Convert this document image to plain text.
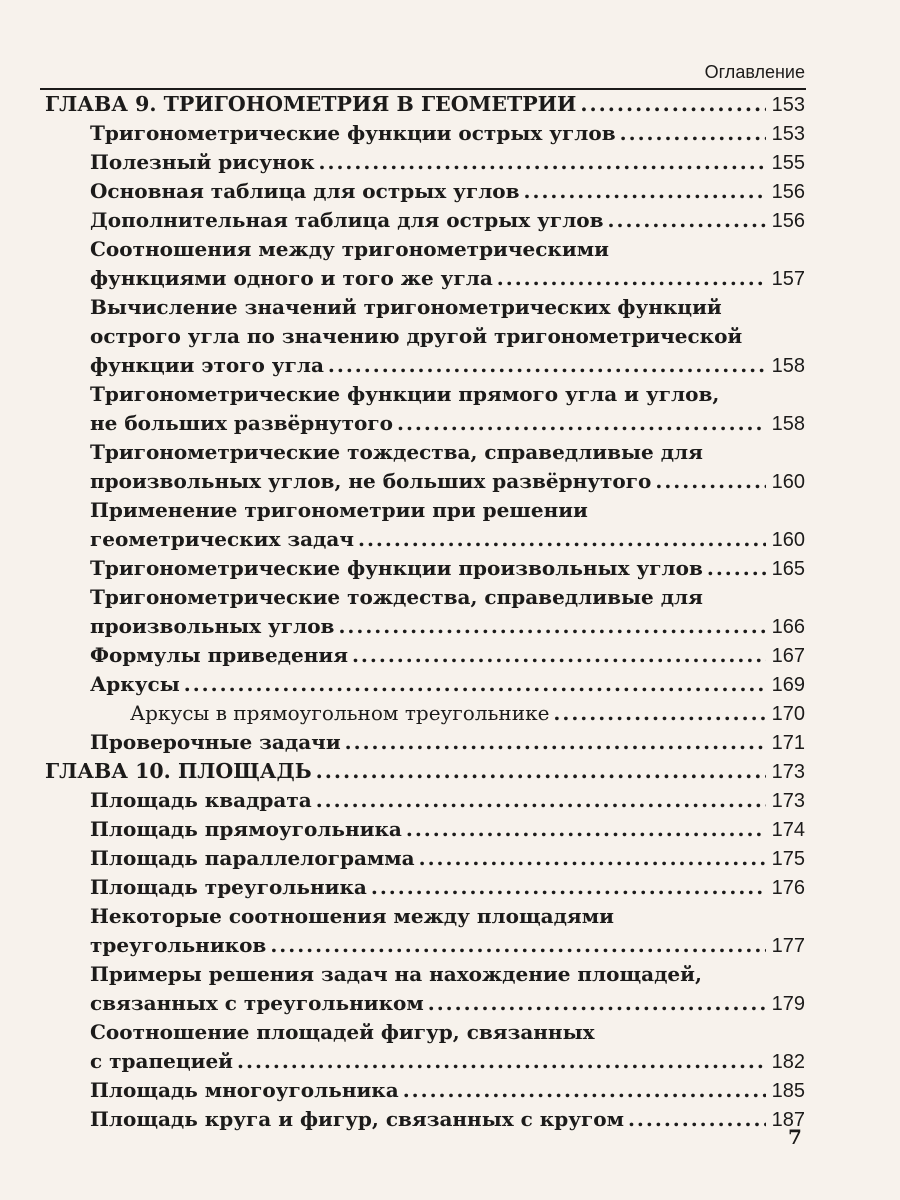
Оглавление
ГЛАВА 9. ТРИГОНОМЕТРИЯ В ГЕОМЕТРИИ .....	153
Тригонометрические функции острых углов .....	153
Полезный рисунок .....	155
Основная таблица для острых углов .....	156
Дополнительная таблица для острых углов .....	156
Соотношения между тригонометрическими
функциями одного и того же угла .....	157
Вычисление значений тригонометрических функций
острого угла по значению другой тригонометрической
функции этого угла .....	158
Тригонометрические функции прямого угла и углов,
не больших развёрнутого .....	158
Тригонометрические тождества, справедливые для
произвольных углов, не больших развёрнутого .....	160
Применение тригонометрии при решении
геометрических задач .....	160
Тригонометрические функции произвольных углов .....	165
Тригонометрические тождества, справедливые для
произвольных углов .....	166
Формулы приведения .....	167
Аркусы .....	169
Аркусы в прямоугольном треугольнике .....	170
Проверочные задачи .....	171
ГЛАВА 10. ПЛОЩАДЬ .....	173
Площадь квадрата .....	173
Площадь прямоугольника .....	174
Площадь параллелограмма .....	175
Площадь треугольника .....	176
Некоторые соотношения между площадями
треугольников .....	177
Примеры решения задач на нахождение площадей,
связанных с треугольником .....	179
Соотношение площадей фигур, связанных
с трапецией .....	182
Площадь многоугольника .....	185
Площадь круга и фигур, связанных с кругом .....	187
7
